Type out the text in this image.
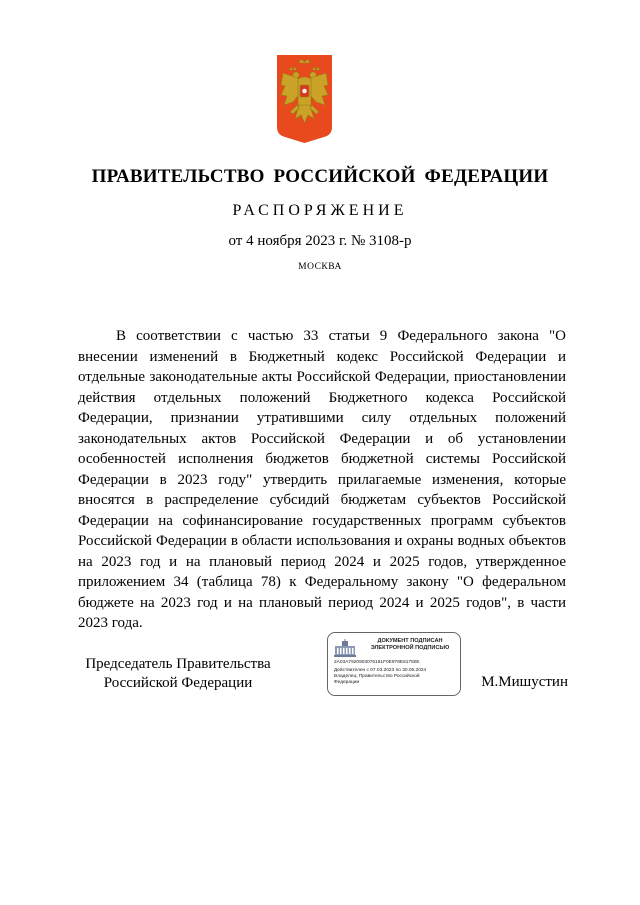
ПРАВИТЕЛЬСТВО РОССИЙСКОЙ ФЕДЕРАЦИИ
РАСПОРЯЖЕНИЕ
от 4 ноября 2023 г. № 3108-р
МОСКВА

В соответствии с частью 33 статьи 9 Федерального закона "О внесении изменений в Бюджетный кодекс Российской Федерации и отдельные законодательные акты Российской Федерации, приостановлении действия отдельных положений Бюджетного кодекса Российской Федерации, признании утратившими силу отдельных положений законодательных актов Российской Федерации и об установлении особенностей исполнения бюджетов бюджетной системы Российской Федерации в 2023 году" утвердить прилагаемые изменения, которые вносятся в распределение субсидий бюджетам субъектов Российской Федерации на софинансирование государственных программ субъектов Российской Федерации в области использования и охраны водных объектов на 2023 год и на плановый период 2024 и 2025 годов, утвержденное приложением 34 (таблица 78) к Федеральному закону "О федеральном бюджете на 2023 год и на плановый период 2024 и 2025 годов", в части 2023 года.

Председатель Правительства
Российской Федерации
ДОКУМЕНТ ПОДПИСАН
ЭЛЕКТРОННОЙ ПОДПИСЬЮ
2A03A7920903076161F0E978E81780E
Действителен с 07.03.2023 по 30.05.2024
Владелец: Правительство Российской
Федерации	М.Мишустин
